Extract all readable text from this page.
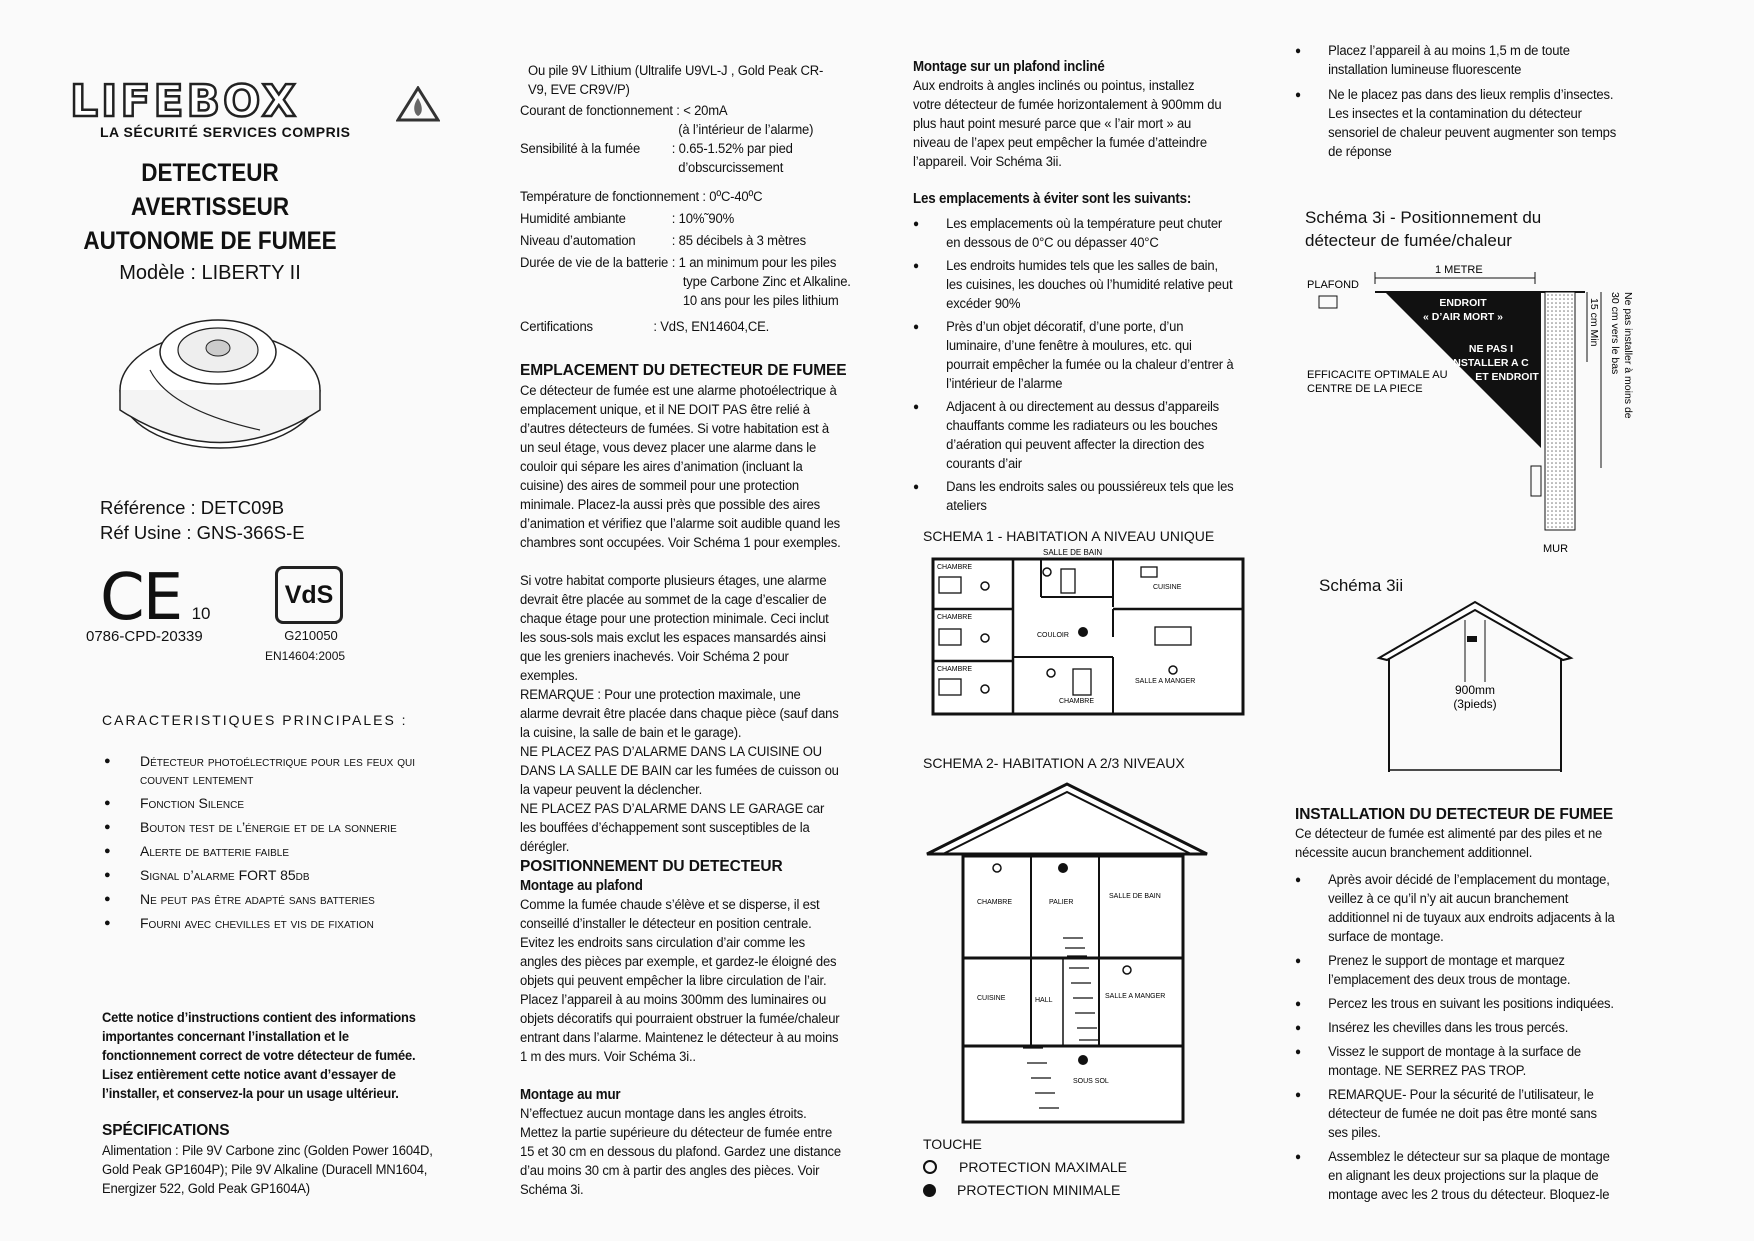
LIFEBOX
LA SÉCURITÉ SERVICES COMPRIS
DETECTEUR
AVERTISSEUR
AUTONOME DE FUMEE
Modèle : LIBERTY II
Référence : DETC09B
Réf Usine : GNS-366S-E
CE 10
0786-CPD-20339
VdS
G210050
EN14604:2005
CARACTERISTIQUES PRINCIPALES :
● Détecteur photoélectrique pour les feux qui couvent lentement
● Fonction Silence
● Bouton test de l’énergie et de la sonnerie
● Alerte de batterie faible
● Signal d’alarme FORT 85db
● Ne peut pas être adapté sans batteries
● Fourni avec chevilles et vis de fixation

Cette notice d’instructions contient des informations importantes concernant l’installation et le fonctionnement correct de votre détecteur de fumée. Lisez entièrement cette notice avant d’essayer de l’installer, et conservez-la pour un usage ultérieur.

SPÉCIFICATIONS

Alimentation : Pile 9V Carbone zinc (Golden Power 1604D, Gold Peak GP1604P); Pile 9V Alkaline (Duracell MN1604, Energizer 522, Gold Peak GP1604A)

Ou pile 9V Lithium (Ultralife U9VL-J , Gold Peak CR-V9, EVE CR9V/P)

Courant de fonctionnement : < 20mA
(à l’intérieur de l’alarme)
Sensibilité à la fumée : 0.65-1.52% par pied
d’obscurcissement
Température de fonctionnement : 0ºC-40ºC
Humidité ambiante	: 10%˜90%
Niveau d’automation	: 85 décibels à 3 mètres
Durée de vie de la batterie : 1 an minimum pour les piles
type Carbone Zinc et Alkaline. 10 ans pour les piles lithium
Certifications	: VdS, EN14604,CE.
EMPLACEMENT DU DETECTEUR DE FUMEE

Ce détecteur de fumée est une alarme photoélectrique à emplacement unique, et il NE DOIT PAS être relié à d’autres détecteurs de fumées. Si votre habitation est à un seul étage, vous devez placer une alarme dans le couloir qui sépare les aires d’animation (incluant la cuisine) des aires de sommeil pour une protection minimale. Placez-la aussi près que possible des aires d’animation et vérifiez que l’alarme soit audible quand les chambres sont occupées. Voir Schéma 1 pour exemples.

Si votre habitat comporte plusieurs étages, une alarme devrait être placée au sommet de la cage d’escalier de chaque étage pour une protection minimale. Ceci inclut les sous-sols mais exclut les espaces mansardés ainsi que les greniers inachevés. Voir Schéma 2 pour exemples.

REMARQUE : Pour une protection maximale, une alarme devrait être placée dans chaque pièce (sauf dans la cuisine, la salle de bain et le garage).

NE PLACEZ PAS D’ALARME DANS LA CUISINE OU DANS LA SALLE DE BAIN car les fumées de cuisson ou la vapeur peuvent la déclencher.

NE PLACEZ PAS D’ALARME DANS LE GARAGE car les bouffées d’échappement sont susceptibles de la dérégler.

POSITIONNEMENT DU DETECTEUR
Montage au plafond

Comme la fumée chaude s’élève et se disperse, il est conseillé d’installer le détecteur en position centrale. Evitez les endroits sans circulation d’air comme les angles des pièces par exemple, et gardez-le éloigné des objets qui peuvent empêcher la libre circulation de l’air. Placez l’appareil à au moins 300mm des luminaires ou objets décoratifs qui pourraient obstruer la fumée/chaleur entrant dans l’alarme. Maintenez le détecteur à au moins 1 m des murs. Voir Schéma 3i..

Montage au mur

N’effectuez aucun montage dans les angles étroits. Mettez la partie supérieure du détecteur de fumée entre 15 et 30 cm en dessous du plafond. Gardez une distance d’au moins 30 cm à partir des angles des pièces. Voir Schéma 3i.

Montage sur un plafond incliné

Aux endroits à angles inclinés ou pointus, installez votre détecteur de fumée horizontalement à 900mm du plus haut point mesuré parce que « l’air mort » au niveau de l’apex peut empêcher la fumée d’atteindre l’appareil. Voir Schéma 3ii.

Les emplacements à éviter sont les suivants:
● Les emplacements où la température peut chuter en dessous de 0°C ou dépasser 40°C
● Les endroits humides tels que les salles de bain, les cuisines, les douches où l’humidité relative peut excéder 90%
● Près d’un objet décoratif, d’une porte, d’un luminaire, d’une fenêtre à moulures, etc. qui pourrait empêcher la fumée ou la chaleur d’entrer à l’intérieur de l’alarme
● Adjacent à ou directement au dessus d’appareils chauffants comme les radiateurs ou les bouches d’aération qui peuvent affecter la direction des courants d’air
● Dans les endroits sales ou poussiéreux tels que les ateliers
SCHEMA 1 - HABITATION A NIVEAU UNIQUE
SALLE DE BAIN
CHAMBRE
CHAMBRE
CHAMBRE
CUISINE
COULOIR
CHAMBRE
SALLE A MANGER
SCHEMA 2- HABITATION A 2/3 NIVEAUX
CHAMBRE	PALIER
SALLE DE BAIN
CUISINE	HALL
SALLE A MANGER
SOUS SOL
TOUCHE
PROTECTION MAXIMALE
PROTECTION MINIMALE
● Placez l’appareil à au moins 1,5 m de toute installation lumineuse fluorescente
● Ne le placez pas dans des lieux remplis d’insectes. Les insectes et la contamination du détecteur sensoriel de chaleur peuvent augmenter son temps de réponse
Schéma 3i - Positionnement du détecteur de fumée/chaleur
1 METRE
PLAFOND
ENDROIT
« D’AIR MORT »
NE PAS I
NSTALLER A C
ET ENDROIT
EFFICACITE OPTIMALE AU
CENTRE DE LA PIECE
15 cm Min Ne pas installer à moins de
30 cm vers le bas
MUR
Schéma 3ii
900mm
(3pieds)
INSTALLATION DU DETECTEUR DE FUMEE

Ce détecteur de fumée est alimenté par des piles et ne nécessite aucun branchement additionnel.

● Après avoir décidé de l’emplacement du montage, veillez à ce qu’il n’y ait aucun branchement additionnel ni de tuyaux aux endroits adjacents à la surface de montage.
● Prenez le support de montage et marquez l’emplacement des deux trous de montage.
● Percez les trous en suivant les positions indiquées.
● Insérez les chevilles dans les trous percés.
● Vissez le support de montage à la surface de montage. NE SERREZ PAS TROP.
● REMARQUE- Pour la sécurité de l’utilisateur, le détecteur de fumée ne doit pas être monté sans ses piles.
● Assemblez le détecteur sur sa plaque de montage en alignant les deux projections sur la plaque de montage avec les 2 trous du détecteur. Bloquez-le
